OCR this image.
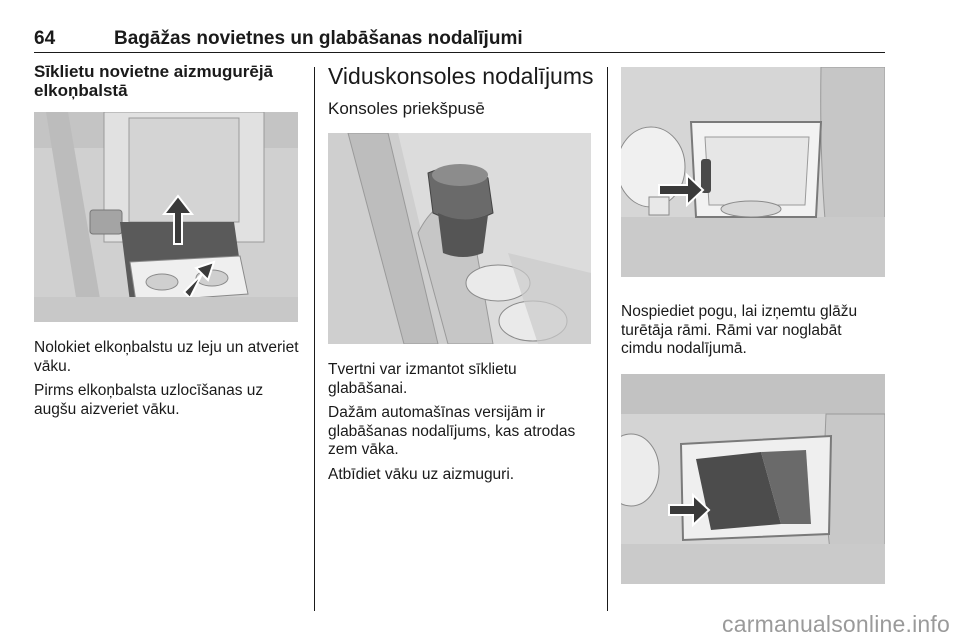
64	Bagāžas novietnes un glabāšanas nodalījumi
Sīklietu novietne aizmugurējā elkoņbalstā

Nolokiet elkoņbalstu uz leju un atveriet vāku.

Pirms elkoņbalsta uzlocīšanas uz augšu aizveriet vāku.

Viduskonsoles nodalījums
Konsoles priekšpusē

Tvertni var izmantot sīklietu glabāšanai.

Dažām automašīnas versijām ir glabāšanas nodalījums, kas atrodas zem vāka.

Atbīdiet vāku uz aizmuguri.

Nospiediet pogu, lai izņemtu glāžu turētāja rāmi. Rāmi var noglabāt cimdu nodalījumā.

carmanualsonline.info
